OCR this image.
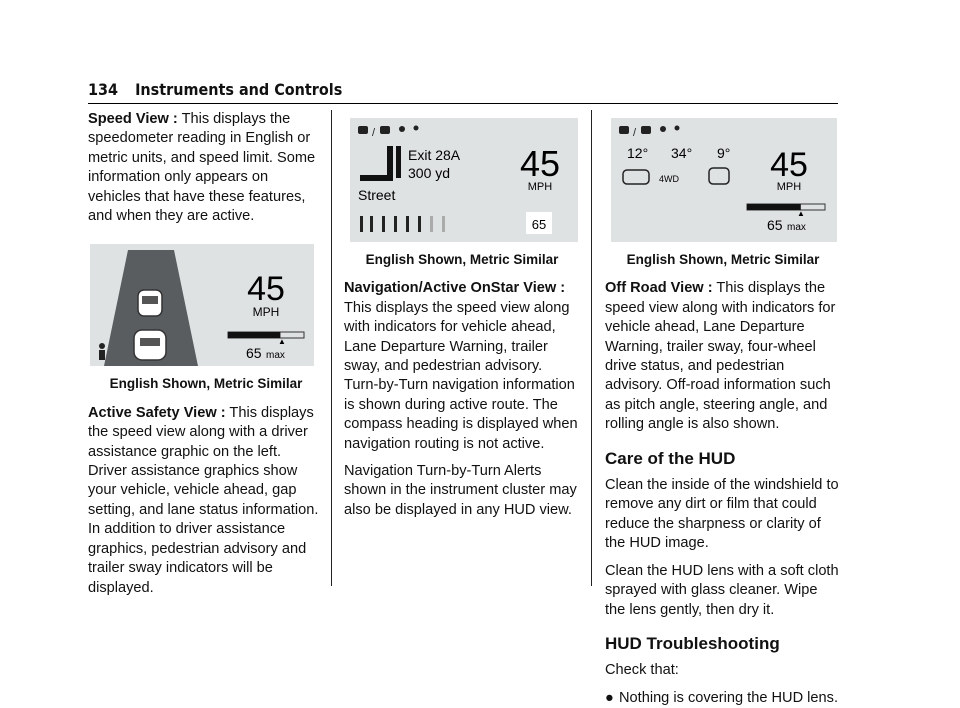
134 Instruments and Controls

Speed View : This displays the speedometer reading in English or metric units, and speed limit. Some information only appears on vehicles that have these features, and when they are active.

45
MPH
▲
65 max
English Shown, Metric Similar

Active Safety View : This displays the speed view along with a driver assistance graphic on the left. Driver assistance graphics show your vehicle, vehicle ahead, gap setting, and lane status information. In addition to driver assistance graphics, pedestrian advisory and trailer sway indicators will be displayed.

/
Exit 28A
300 yd
Street
45
MPH
65
English Shown, Metric Similar

Navigation/Active OnStar View : This displays the speed view along with indicators for vehicle ahead, Lane Departure Warning, trailer sway, and pedestrian advisory. Turn-by-Turn navigation information is shown during active route. The compass heading is displayed when navigation routing is not active.

Navigation Turn-by-Turn Alerts shown in the instrument cluster may also be displayed in any HUD view.

/
12° 34° 9°
4WD	45
MPH
▲
65 max
English Shown, Metric Similar

Off Road View : This displays the speed view along with indicators for vehicle ahead, Lane Departure Warning, trailer sway, four-wheel drive status, and pedestrian advisory. Off-road information such as pitch angle, steering angle, and rolling angle is also shown.

Care of the HUD

Clean the inside of the windshield to remove any dirt or film that could reduce the sharpness or clarity of the HUD image.

Clean the HUD lens with a soft cloth sprayed with glass cleaner. Wipe the lens gently, then dry it.

HUD Troubleshooting

Check that:

● Nothing is covering the HUD lens.
